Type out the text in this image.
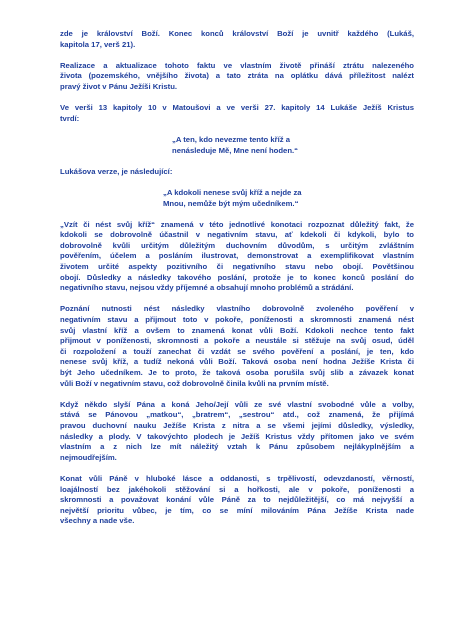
zde je království Boží. Konec konců království Boží je uvnitř každého (Lukáš,
kapitola 17, verš 21).
Realizace a aktualizace tohoto faktu ve vlastním životě přináší ztrátu nalezeného
života (pozemského, vnějšího života) a tato ztráta na oplátku dává příležitost nalézt
pravý život v Pánu Ježíši Kristu.
Ve verši 13 kapitoly 10 v Matoušovi a ve verši 27. kapitoly 14 Lukáše Ježíš Kristus
tvrdí:
„A ten, kdo nevezme tento kříž a
nenásleduje Mě, Mne není hoden.“
Lukášova verze, je následující:
„A kdokoli nenese svůj kříž a nejde za
Mnou, nemůže být mým učedníkem.“
„Vzít či nést svůj kříž“ znamená v této jednotlivé konotaci rozpoznat důležitý fakt, že
kdokoli se dobrovolně účastnil v negativním stavu, ať kdekoli či kdykoli, bylo to
dobrovolně kvůli určitým důležitým duchovním důvodům, s určitým zvláštním
pověřením, účelem a posláním ilustrovat, demonstrovat a exemplifikovat vlastním
životem určité aspekty pozitivního či negativního stavu nebo obojí. Povětšinou
obojí. Důsledky a následky takového poslání, protože je to konec konců poslání do
negativního stavu, nejsou vždy příjemné a obsahují mnoho problémů a strádání.
Poznání nutnosti nést následky vlastního dobrovolně zvoleného pověření v
negativním stavu a přijmout toto v pokoře, poníženosti a skromnosti znamená nést
svůj vlastní kříž a ovšem to znamená konat vůli Boží. Kdokoli nechce tento fakt
přijmout v poníženosti, skromnosti a pokoře a neustále si stěžuje na svůj osud, úděl
či rozpoložení a touží zanechat či vzdát se svého pověření a poslání, je ten, kdo
nenese svůj kříž, a tudíž nekoná vůli Boží. Taková osoba není hodna Ježíše Krista či
být Jeho učedníkem. Je to proto, že taková osoba porušila svůj slib a závazek konat
vůli Boží v negativním stavu, což dobrovolně činila kvůli na prvním místě.
Když někdo slyší Pána a koná Jeho/Její vůli ze své vlastní svobodné vůle a volby,
stává se Pánovou „matkou“, „bratrem“, „sestrou“ atd., což znamená, že přijímá
pravou duchovní nauku Ježíše Krista z nitra a se všemi jejími důsledky, výsledky,
následky a plody. V takovýchto plodech je Ježíš Kristus vždy přítomen jako ve svém
vlastním a z nich lze mít náležitý vztah k Pánu způsobem nejlákyplnějším a
nejmoudřejším.
Konat vůli Páně v hluboké lásce a oddanosti, s trpělivostí, odevzdaností, věrností,
loajálností bez jakéhokoli stěžování si a hořkosti, ale v pokoře, poníženosti a
skromnosti a považovat konání vůle Páně za to nejdůležitější, co má nejvyšší a
největší prioritu vůbec, je tím, co se míní milováním Pána Ježíše Krista nade
všechny a nade vše.
